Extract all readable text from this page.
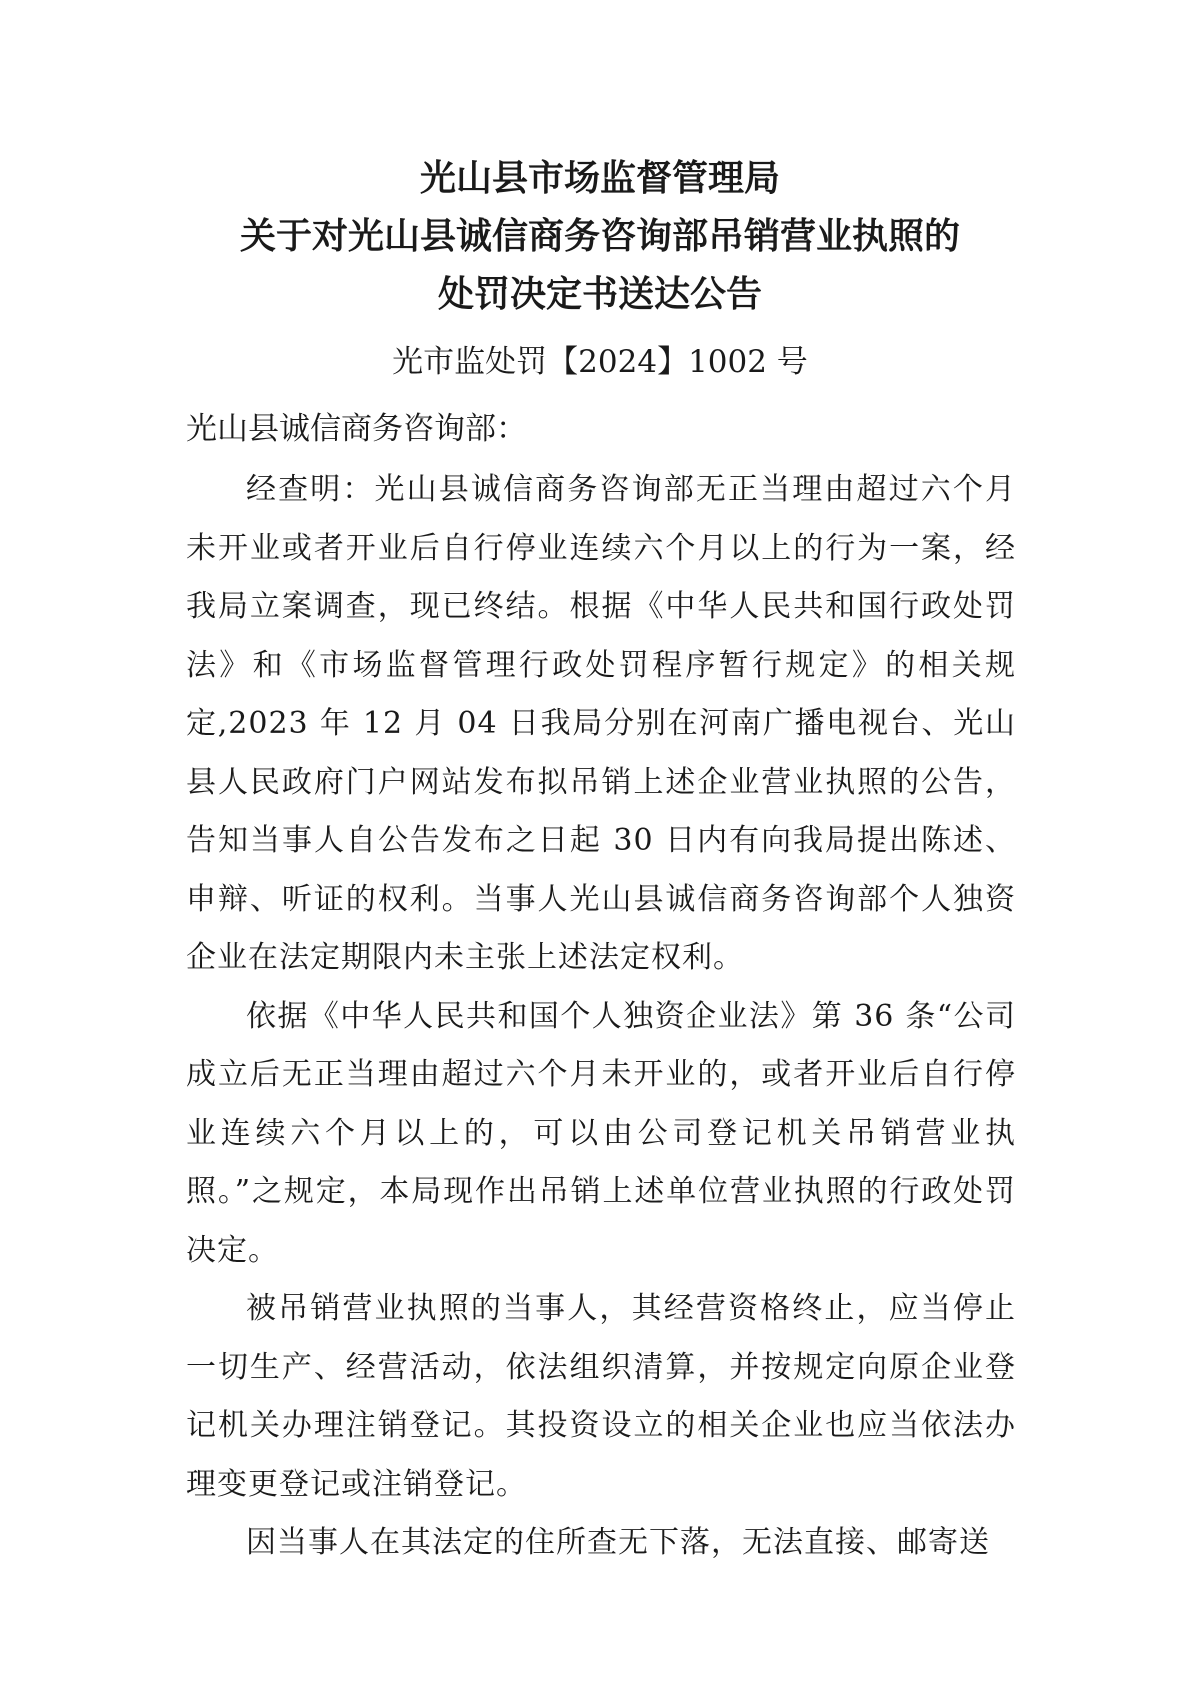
光山县市场监督管理局
关于对光山县诚信商务咨询部吊销营业执照的
处罚决定书送达公告
光市监处罚【2024】1002 号
光山县诚信商务咨询部：

经查明：光山县诚信商务咨询部无正当理由超过六个月未开业或者开业后自行停业连续六个月以上的行为一案，经我局立案调查，现已终结。根据《中华人民共和国行政处罚法》和《市场监督管理行政处罚程序暂行规定》的相关规定,2023 年 12 月 04 日我局分别在河南广播电视台、光山县人民政府门户网站发布拟吊销上述企业营业执照的公告，告知当事人自公告发布之日起 30 日内有向我局提出陈述、申辩、听证的权利。当事人光山县诚信商务咨询部个人独资企业在法定期限内未主张上述法定权利。

依据《中华人民共和国个人独资企业法》第 36 条“公司成立后无正当理由超过六个月未开业的，或者开业后自行停业连续六个月以上的，可以由公司登记机关吊销营业执照。”之规定，本局现作出吊销上述单位营业执照的行政处罚决定。

被吊销营业执照的当事人，其经营资格终止，应当停止一切生产、经营活动，依法组织清算，并按规定向原企业登记机关办理注销登记。其投资设立的相关企业也应当依法办理变更登记或注销登记。

因当事人在其法定的住所查无下落，无法直接、邮寄送
